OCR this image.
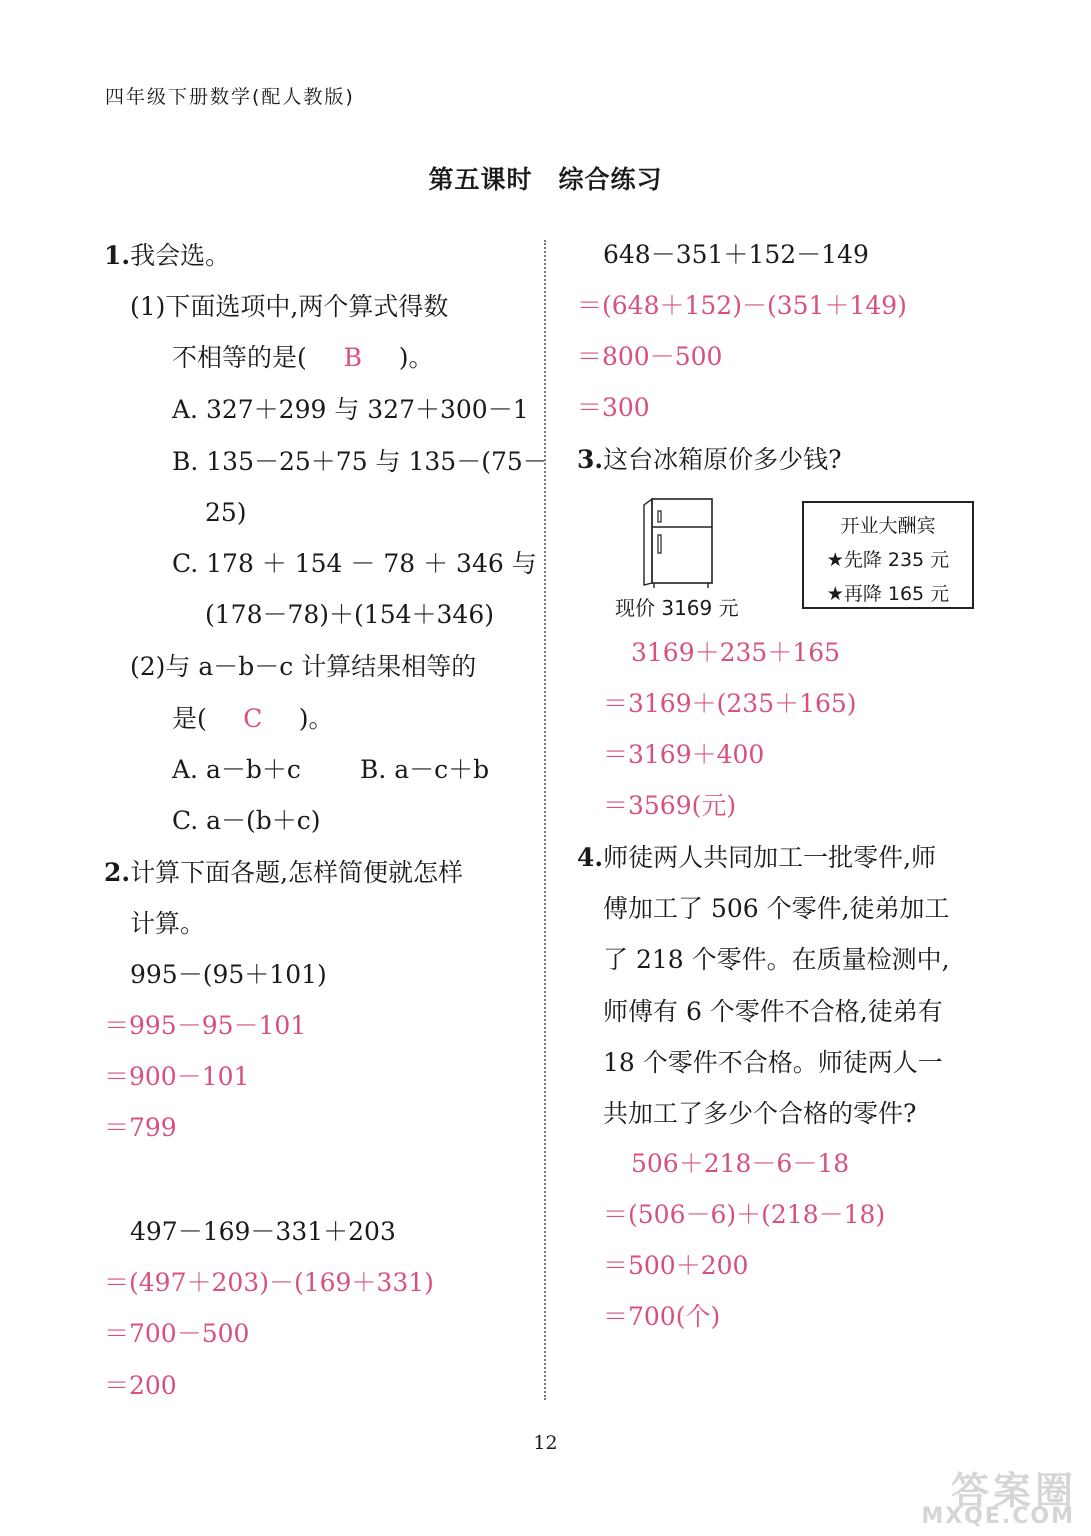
四年级下册数学(配人教版)
第五课时　综合练习
1.我会选。
(1)下面选项中,两个算式得数
不相等的是( B )。
A. 327＋299 与 327＋300－1
B. 135－25＋75 与 135－(75－
25)
C. 178 ＋ 154 － 78 ＋ 346 与
(178－78)＋(154＋346)
(2)与 a－b－c 计算结果相等的
是( C )。
A. a－b＋c B. a－c＋b
C. a－(b＋c)
2.计算下面各题,怎样简便就怎样
计算。
995－(95＋101)
＝995－95－101
＝900－101
＝799
497－169－331＋203
＝(497＋203)－(169＋331)
＝700－500
＝200
648－351＋152－149
＝(648＋152)－(351＋149)
＝800－500
＝300
3.这台冰箱原价多少钱?
现价 3169 元
开业大酬宾
★先降 235 元
★再降 165 元
3169＋235＋165
＝3169＋(235＋165)
＝3169＋400
＝3569(元)
4.师徒两人共同加工一批零件,师
傅加工了 506 个零件,徒弟加工
了 218 个零件。在质量检测中,
师傅有 6 个零件不合格,徒弟有
18 个零件不合格。师徒两人一
共加工了多少个合格的零件?
506＋218－6－18
＝(506－6)＋(218－18)
＝500＋200
＝700(个)
12
答案圈
MXQE.COM
